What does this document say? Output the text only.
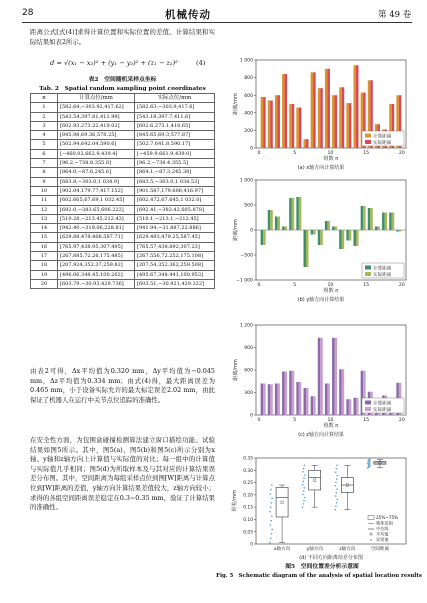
28	机械传动	第 49 卷
距离公式[式(4)]求得计算位置和实际位置的差值。计算结果和实际结果如表2所示。
d = √(x₁ − x₂)² + (y₁ − y₂)² + (z₁ − z₂)²	(4)
表2　空间随机采样点坐标
Tab. 2　Spatial random sampling point coordinates
n	计算点位/mm	实际点位/mm
1	[582.64,−303.92,417.62]	[582.63,−303.9,417.6]
2	[543.54,397.81,411.99]	[543.18,397.7,411.6]
3	[602.93,273.22,419.02]	[602.6,273.1,418.65]
4	[845.98,69.36,578.25]	[845.65,69.3,577.87]
5	[502.94,642.04,590.6]	[502.7,641.8,590.17]
6	[−460.02,662.9,439.4]	[−459.9,661.9,439.0]
7	[96.2,−738.8,355.8]	[96.2,−738.4,355.5]
8	[864.0,−87.6,245.6]	[864.1,−87.3,245.38]
9	[683.8,−303.0,1 034.9]	[683.5,−303.0,1 034.53]
10	[902.04,179.77,417.152]	[901.587,179.606,416.97]
11	[602.665,67.69,1 032.45]	[602.472,67.645,1 032.0]
12	[692.0,−383.65,606.222]	[692.41,−383.42,605.878]
13	[510.28,−213.45,212.43]	[510.1,−213.1,−212.45]
14	[942.40,−319.06,228.81]	[941.94,−31.887,22.886]
15	[629.88,478.406,587.71]	[629.493,479.25,587.45]
16	[765.97,438.95,307.495]	[765.57,438.892,307.23]
17	[267.885,72.26,175.485]	[267.556,72.252,175.108]
18	[207.924,352.37,259.82]	[207.54,352.362,259.508]
19	[496.06,348.45,100.262]	[495.67,348.441,100.953]
20	[603.79,−30.93,429.736]	[603.51,−30.921,429.322]
由表2可得，Δx平均值为0.320 mm，Δy平均值为−0.045 mm，Δz平均值为0.334 mm；由式(4)得，最大距离误差为0.465 mm，小于设备实际允许的最大标定误差2.02 mm，由此保证了机器人在运行中关节点位追踪的准确性。
在安全性方面，为包围盒碰撞检测算法建立窗口描绘功能。试验结果如图5所示。其中，图5(a)、图5(b)和图5(c)所示分别为x轴、y轴和z轴方向上计算值与实际值的对比；每一组中的计算值与实际值几乎相同；图5(d)为所取样本及与其对应的计算结果误差分布图。其中，空间距离为每组采样点位到图[W]距离与计算点位到[W]距离的差值，y轴方向计算结果差值较大，z轴方向较小；求得的各组空间距离误差稳定在0.3~0.35 mm，验证了计算结果的准确性。
1 000
800
600
400
200
0
0	5	10	15	20
距离/mm
组数 n
计算距离
实际距离
(a) x轴方向计算结果
1 000
500
0
−500
−1 000
0	5	10	15	20
距离/mm
组数 n
计算距离
实际距离
(b) y轴方向计算结果
1 200
900
600
300
0
0	5	10	15	20
距离/mm
组数 n
计算距离
实际距离
(c) z轴方向计算结果
0.35
0.30
0.25
0.20
0.15
0.10
0.05
0
误差/mm
x轴方向	y轴方向	z轴方向	空间距离
25%~75%
箱体范围
中位线
平均值
异常值
(d) 不同方向距离误差分布图
图5　空间位置差分析示意图
Fig. 5　Schematic diagram of the analysis of spatial location results
